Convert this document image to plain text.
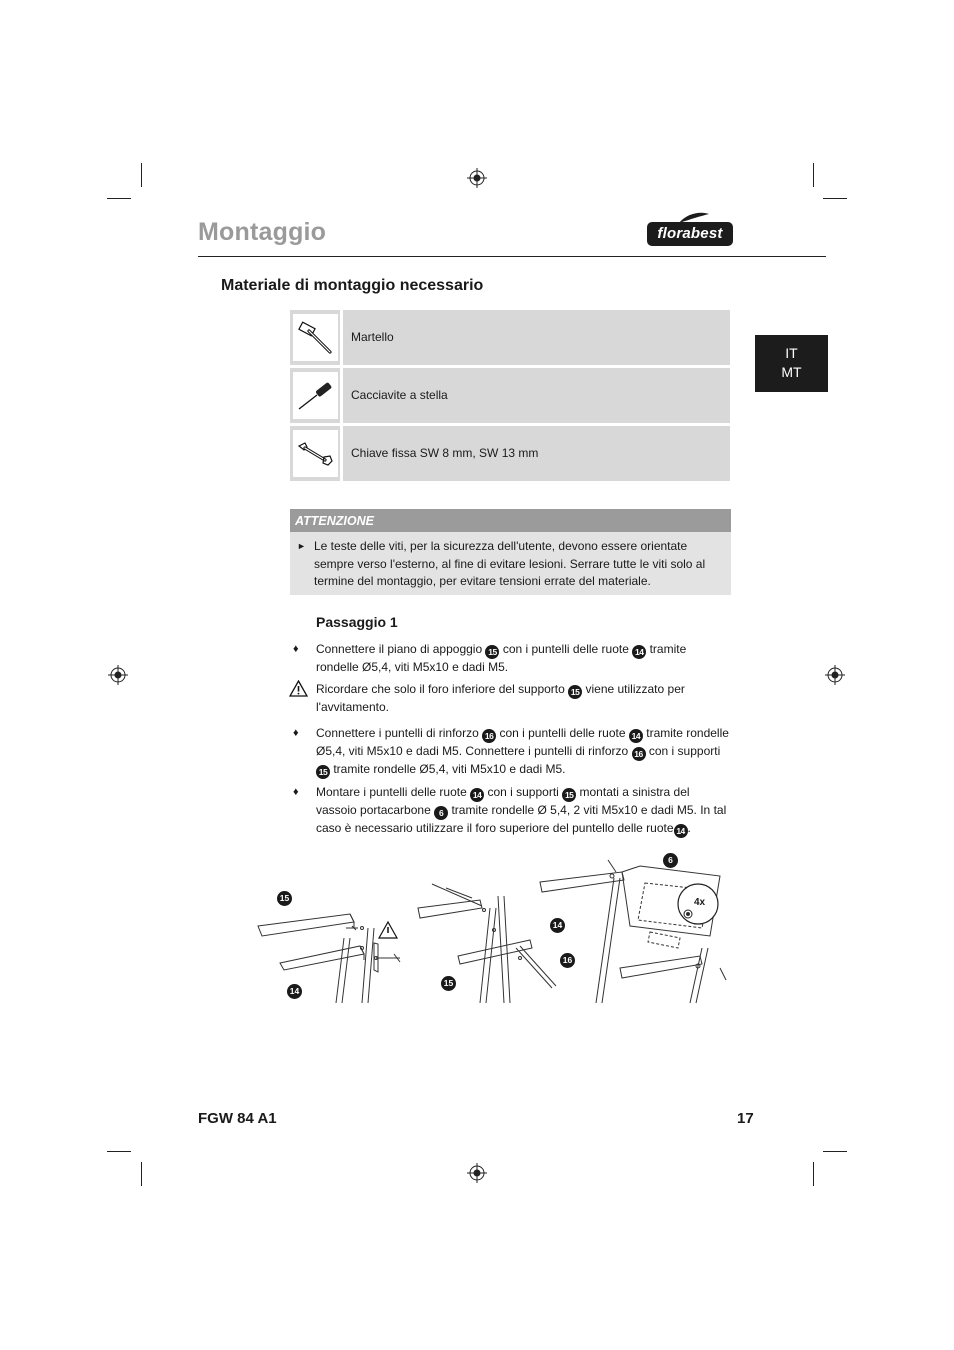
Montaggio	florabest
IT
MT
Materiale di montaggio necessario
Martello
Cacciavite a stella
Chiave fissa SW 8 mm, SW 13 mm
ATTENZIONE
► Le teste delle viti, per la sicurezza dell'utente, devono essere orientate sempre verso l'esterno, al fine di evitare lesioni. Serrare tutte le viti solo al termine del montaggio, per evitare tensioni errate del materiale.
Passaggio 1
♦ Connettere il piano di appoggio 15 con i puntelli delle ruote 14 tramite rondelle Ø5,4, viti M5x10 e dadi M5.
Ricordare che solo il foro inferiore del supporto 15 viene utilizzato per l'avvitamento.
♦ Connettere i puntelli di rinforzo 16 con i puntelli delle ruote 14 tramite rondelle Ø5,4, viti M5x10 e dadi M5. Connettere i puntelli di rinforzo 16 con i supporti 15 tramite rondelle Ø5,4, viti M5x10 e dadi M5.
♦ Montare i puntelli delle ruote 14 con i supporti 15 montati a sinistra del vassoio portacarbone 6 tramite rondelle Ø 5,4, 2 viti M5x10 e dadi M5. In tal caso è necessario utilizzare il foro superiore del puntello delle ruote 14 .
15
14
15
14
16
6
4x
FGW 84 A1	17
